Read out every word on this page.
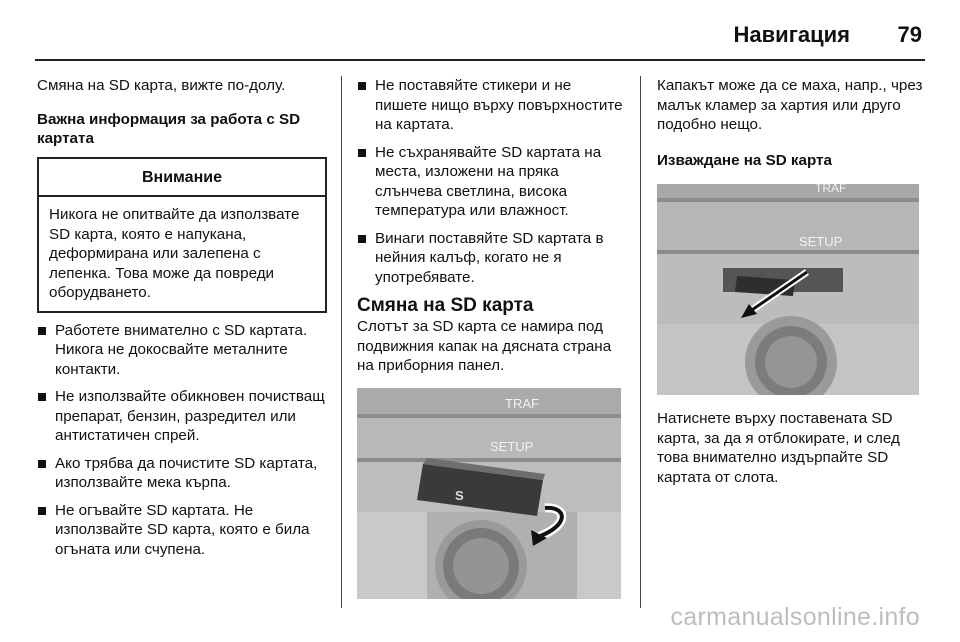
Навигация 79

Смяна на SD карта, вижте по-долу.

Важна информация за работа с SD картата

Внимание
Никога не опитвайте да използвате SD карта, която е напукана, деформирана или залепена с лепенка. Това може да повреди оборудването.
Работете внимателно с SD картата. Никога не докосвайте металните контакти.
Не използвайте обикновен почистващ препарат, бензин, разредител или антистатичен спрей.
Ако трябва да почистите SD картата, използвайте мека кърпа.
Не огъвайте SD картата. Не използвайте SD карта, която е била огъната или счупена.
Не поставяйте стикери и не пишете нищо върху повърхностите на картата.
Не съхранявайте SD картата на места, изложени на пряка слънчева светлина, висока температура или влажност.
Винаги поставяйте SD картата в нейния калъф, когато не я употребявате.
Смяна на SD карта

Слотът за SD карта се намира под подвижния капак на дясната страна на приборния панел.

TRAF
SETUP
S

Капакът може да се маха, напр., чрез малък кламер за хартия или друго подобно нещо.

Изваждане на SD карта

TRAF
SETUP

Натиснете върху поставената SD карта, за да я отблокирате, и след това внимателно издърпайте SD картата от слота.

carmanualsonline.info
